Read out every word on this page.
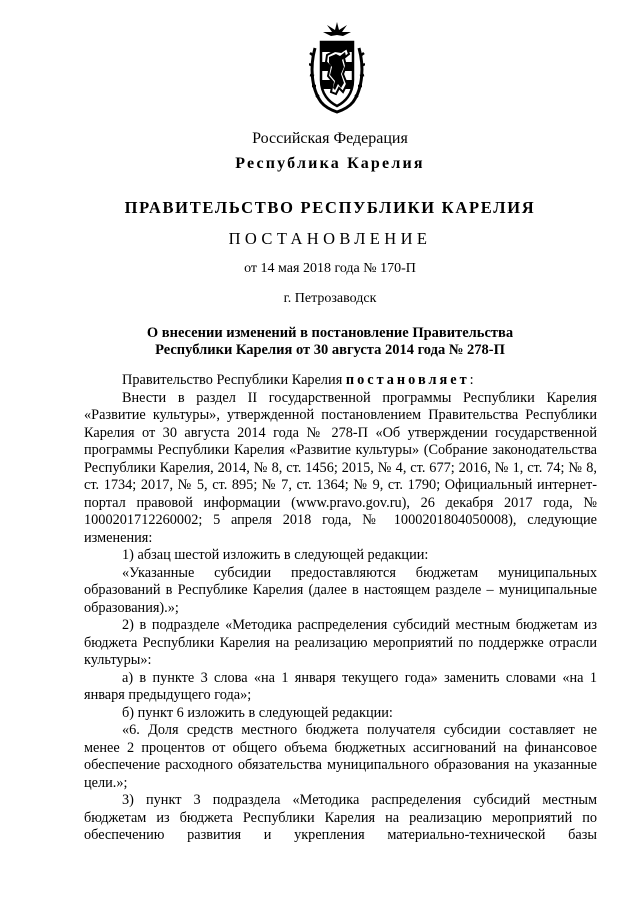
Российская Федерация
Республика Карелия
ПРАВИТЕЛЬСТВО РЕСПУБЛИКИ КАРЕЛИЯ
ПОСТАНОВЛЕНИЕ
от 14 мая 2018 года № 170-П
г. Петрозаводск
О внесении изменений в постановление Правительства
Республики Карелия от 30 августа 2014 года № 278-П

Правительство Республики Карелия постановляет:

Внести в раздел II государственной программы Республики Карелия «Развитие культуры», утвержденной постановлением Правительства Республики Карелия от 30 августа 2014 года № 278-П «Об утверждении государственной программы Республики Карелия «Развитие культуры» (Собрание законодательства Республики Карелия, 2014, № 8, ст. 1456; 2015, № 4, ст. 677; 2016, № 1, ст. 74; № 8, ст. 1734; 2017, № 5, ст. 895; № 7, ст. 1364; № 9, ст. 1790; Официальный интернет-портал правовой информации (www.pravo.gov.ru), 26 декабря 2017 года, № 1000201712260002; 5 апреля 2018 года, № 1000201804050008), следующие изменения:

1) абзац шестой изложить в следующей редакции:

«Указанные субсидии предоставляются бюджетам муниципальных образований в Республике Карелия (далее в настоящем разделе – муниципальные образования).»;

2) в подразделе «Методика распределения субсидий местным бюджетам из бюджета Республики Карелия на реализацию мероприятий по поддержке отрасли культуры»:

а) в пункте 3 слова «на 1 января текущего года» заменить словами «на 1 января предыдущего года»;

б) пункт 6 изложить в следующей редакции:

«6. Доля средств местного бюджета получателя субсидии составляет не менее 2 процентов от общего объема бюджетных ассигнований на финансовое обеспечение расходного обязательства муниципального образования на указанные цели.»;

3) пункт 3 подраздела «Методика распределения субсидий местным бюджетам из бюджета Республики Карелия на реализацию мероприятий по обеспечению развития и укрепления материально-технической базы
